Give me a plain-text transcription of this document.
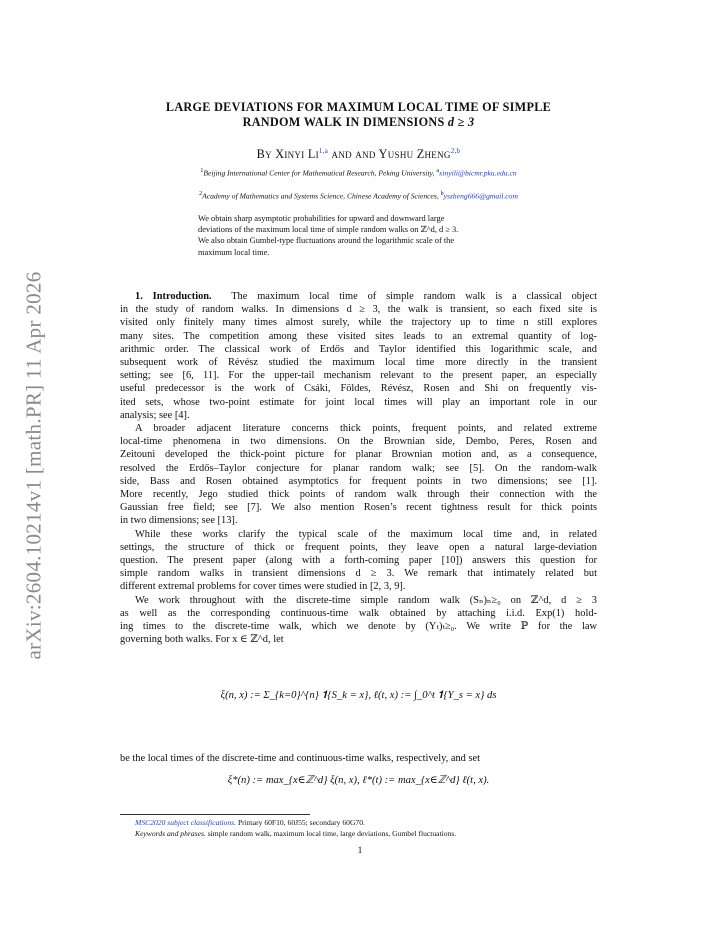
arXiv:2604.10214v1 [math.PR] 11 Apr 2026
LARGE DEVIATIONS FOR MAXIMUM LOCAL TIME OF SIMPLE
RANDOM WALK IN DIMENSIONS d ≥ 3
By Xinyi Li$^{1,a}$ and and Yushu Zheng$^{2,b}$
$^1$Beijing International Center for Mathematical Research, Peking University, $^a$xinyili@bicmr.pku.edu.cn
$^2$Academy of Mathematics and Systems Science, Chinese Academy of Sciences, $^b$yszheng666@gmail.com
We obtain sharp asymptotic probabilities for upward and downward large
deviations of the maximum local time of simple random walks on ℤ^d, d ≥ 3.
We also obtain Gumbel-type fluctuations around the logarithmic scale of the
maximum local time.
1. Introduction. The maximum local time of simple random walk is a classical object
in the study of random walks. In dimensions d ≥ 3, the walk is transient, so each fixed site is
visited only finitely many times almost surely, while the trajectory up to time n still explores
many sites. The competition among these visited sites leads to an extremal quantity of log-
arithmic order. The classical work of Erdős and Taylor identified this logarithmic scale, and
subsequent work of Révész studied the maximum local time more directly in the transient
setting; see [6, 11]. For the upper-tail mechanism relevant to the present paper, an especially
useful predecessor is the work of Csáki, Földes, Révész, Rosen and Shi on frequently vis-
ited sets, whose two-point estimate for joint local times will play an important role in our
analysis; see [4].
A broader adjacent literature concerns thick points, frequent points, and related extreme
local-time phenomena in two dimensions. On the Brownian side, Dembo, Peres, Rosen and
Zeitouni developed the thick-point picture for planar Brownian motion and, as a consequence,
resolved the Erdős–Taylor conjecture for planar random walk; see [5]. On the random-walk
side, Bass and Rosen obtained asymptotics for frequent points in two dimensions; see [1].
More recently, Jego studied thick points of random walk through their connection with the
Gaussian free field; see [7]. We also mention Rosen’s recent tightness result for thick points
in two dimensions; see [13].
While these works clarify the typical scale of the maximum local time and, in related
settings, the structure of thick or frequent points, they leave open a natural large-deviation
question. The present paper (along with a forth-coming paper [10]) answers this question for
simple random walks in transient dimensions d ≥ 3. We remark that intimately related but
different extremal problems for cover times were studied in [2, 3, 9].
We work throughout with the discrete-time simple random walk (Sₙ)ₙ≥₀ on ℤ^d, d ≥ 3
as well as the corresponding continuous-time walk obtained by attaching i.i.d. Exp(1) hold-
ing times to the discrete-time walk, which we denote by (Yₜ)ₜ≥₀. We write ℙ for the law
governing both walks. For x ∈ ℤ^d, let
ξ(n, x) := Σ_{k=0}^{n} 𝟏{S_k = x}, ℓ(t, x) := ∫_0^t 𝟏{Y_s = x} ds
be the local times of the discrete-time and continuous-time walks, respectively, and set
ξ*(n) := max_{x∈ℤ^d} ξ(n, x), ℓ*(t) := max_{x∈ℤ^d} ℓ(t, x).
MSC2020 subject classifications. Primary 60F10, 60J55; secondary 60G70.
Keywords and phrases. simple random walk, maximum local time, large deviations, Gumbel fluctuations.
1
